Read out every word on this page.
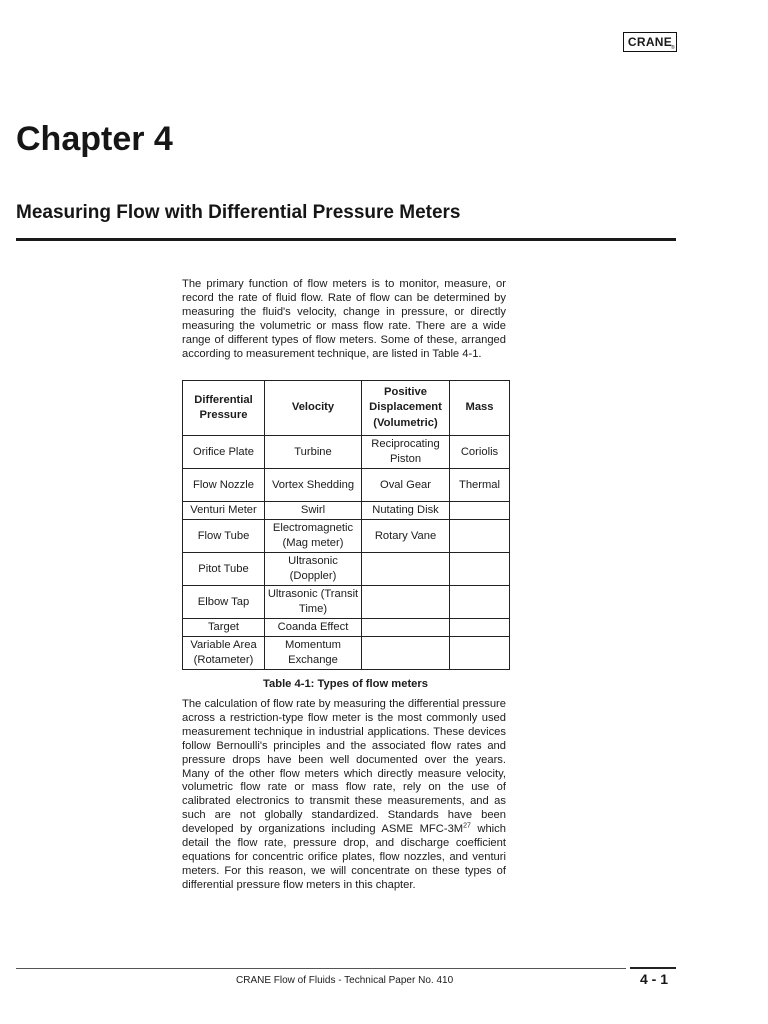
CRANE
®
Chapter 4
Measuring Flow with Differential Pressure Meters

The primary function of flow meters is to monitor, measure, or record the rate of fluid flow. Rate of flow can be determined by measuring the fluid's velocity, change in pressure, or directly measuring the volumetric or mass flow rate. There are a wide range of different types of flow meters. Some of these, arranged according to measurement technique, are listed in Table 4-1.

Differential Pressure	Velocity	Positive Displacement (Volumetric)	Mass
Orifice Plate	Turbine	Reciprocating Piston	Coriolis
Flow Nozzle	Vortex Shedding	Oval Gear	Thermal
Venturi Meter	Swirl	Nutating Disk	
Flow Tube	Electromagnetic (Mag meter)	Rotary Vane	
Pitot Tube	Ultrasonic (Doppler)		
Elbow Tap	Ultrasonic (Transit Time)		
Target	Coanda Effect		
Variable Area (Rotameter)	Momentum Exchange		
Table 4-1: Types of flow meters

The calculation of flow rate by measuring the differential pressure across a restriction-type flow meter is the most commonly used measurement technique in industrial applications. These devices follow Bernoulli's principles and the associated flow rates and pressure drops have been well documented over the years. Many of the other flow meters which directly measure velocity, volumetric flow rate or mass flow rate, rely on the use of calibrated electronics to transmit these measurements, and as such are not globally standardized. Standards have been developed by organizations including ASME MFC-$3M^{27}$ which detail the flow rate, pressure drop, and discharge coefficient equations for concentric orifice plates, flow nozzles, and venturi meters. For this reason, we will concentrate on these types of differential pressure flow meters in this chapter.

CRANE Flow of Fluids - Technical Paper No. 410	4 - 1
